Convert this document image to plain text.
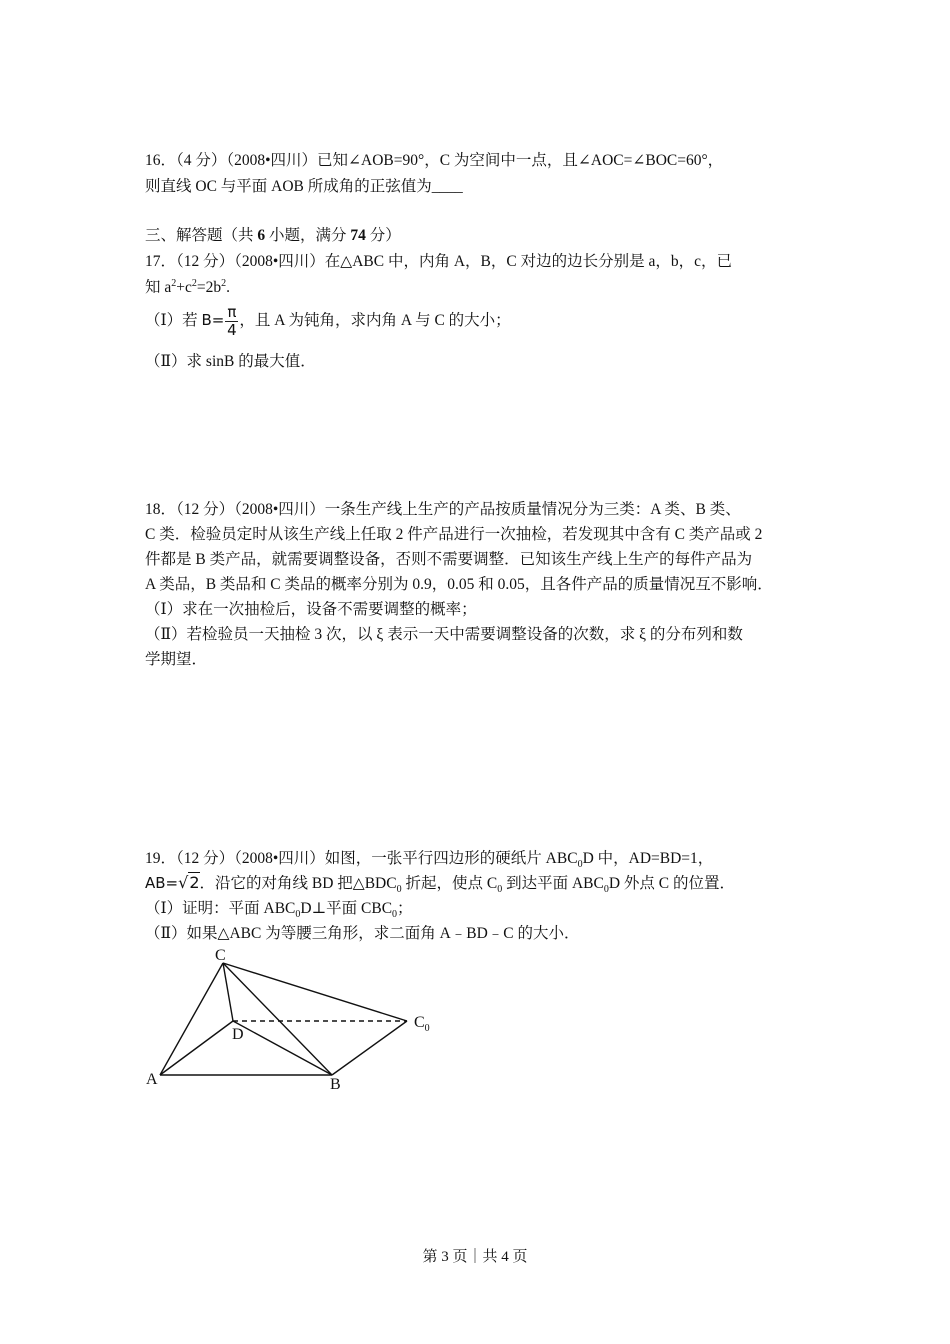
16．（4 分）（2008•四川）已知∠AOB=90°，C 为空间中一点，且∠AOC=∠BOC=60°，
则直线 OC 与平面 AOB 所成角的正弦值为____
三、解答题（共 6 小题，满分 74 分）
17．（12 分）（2008•四川）在△ABC 中，内角 A，B，C 对边的边长分别是 a，b，c，已
知 $a^2+c^2=2b^2$.
（Ⅰ）若 $B= \frac{\pi}{4}$ ，且 A 为钝角，求内角 A 与 C 的大小；
（Ⅱ）求 sinB 的最大值．
18．（12 分）（2008•四川）一条生产线上生产的产品按质量情况分为三类：A 类、B 类、
C 类．检验员定时从该生产线上任取 2 件产品进行一次抽检，若发现其中含有 C 类产品或 2
件都是 B 类产品，就需要调整设备，否则不需要调整．已知该生产线上生产的每件产品为
A 类品，B 类品和 C 类品的概率分别为 0.9，0.05 和 0.05，且各件产品的质量情况互不影响．
（Ⅰ）求在一次抽检后，设备不需要调整的概率；
（Ⅱ）若检验员一天抽检 3 次，以 ξ 表示一天中需要调整设备的次数，求 ξ 的分布列和数
学期望．
19．（12 分）（2008•四川）如图，一张平行四边形的硬纸片 $ABC_0D$ 中，AD=BD=1，
AB=√2．沿它的对角线 BD 把$\triangle BDC_0$ 折起，使点 $C_0$ 到达平面 $ABC_0D$ 外点 C 的位置．
（Ⅰ）证明：平面 $ABC_0D\perp$平面 $CBC_0$；
（Ⅱ）如果△ABC 为等腰三角形，求二面角 A﹣BD﹣C 的大小．
C
D
$C_0$
A	B
第 3 页｜共 4 页
